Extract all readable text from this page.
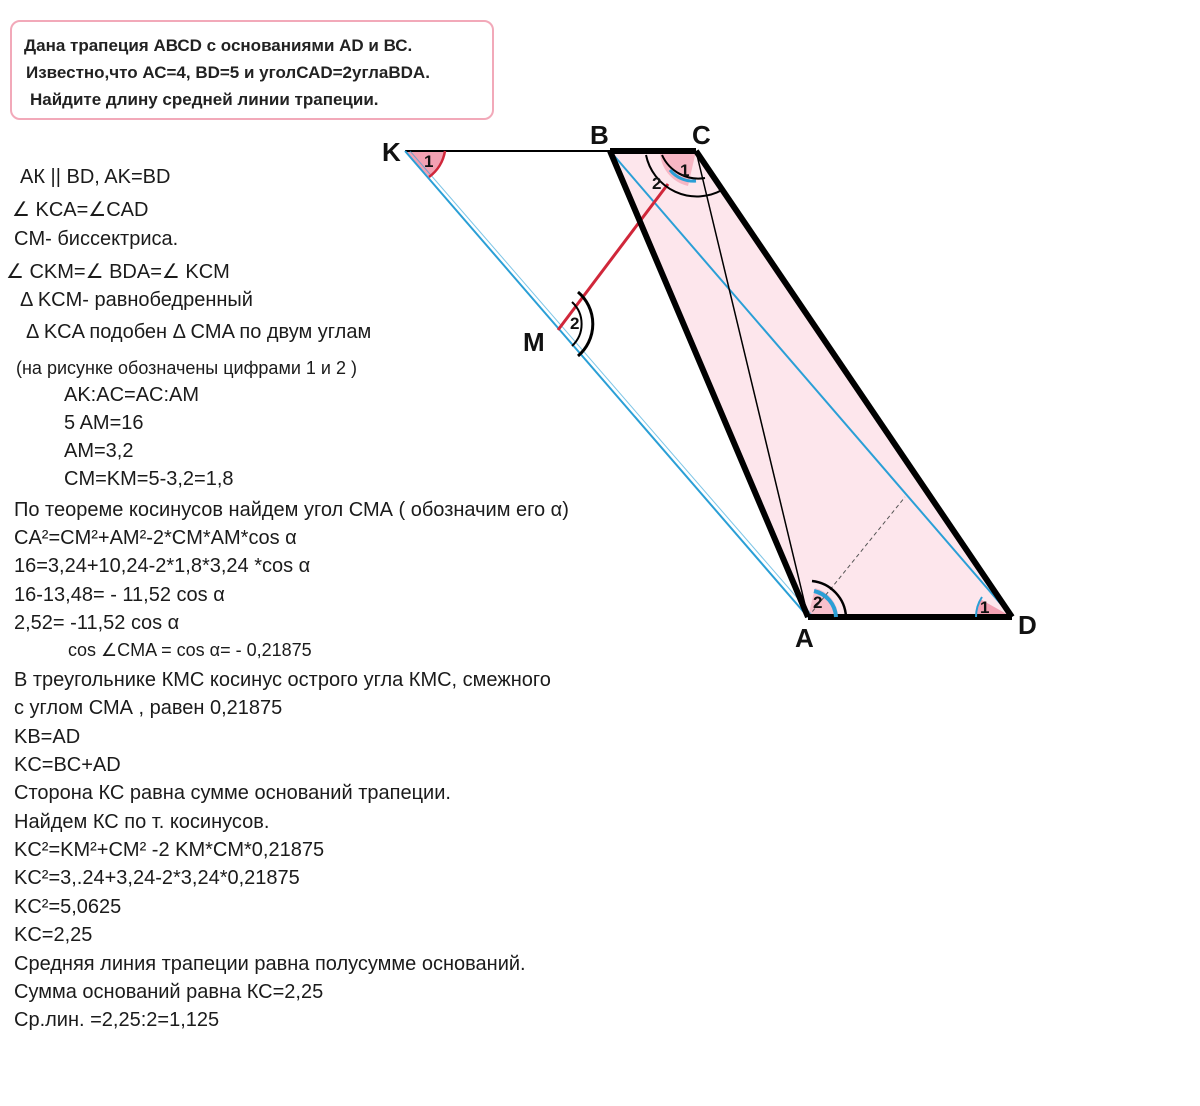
Дана трапеция АВСD с основаниями АD и ВС.
Известно,что АС=4, ВD=5 и уголСАD=2углаBDA.
Найдите длину средней линии трапеции.
АК || BD, AK=BD
∠ KCA=∠CAD
CM- биссектриса.
∠ CKM=∠ BDA=∠ KCM
Δ KCM- равнобедренный
Δ KCA подобен Δ CMA по двум углам
(на рисунке обозначены цифрами 1 и 2 )
AK:AC=AC:AM
5 AM=16
AM=3,2
CM=KM=5-3,2=1,8
По теореме косинусов найдем угол СМА ( обозначим его α)
CA²=CM²+AM²-2*CM*AM*cos α
16=3,24+10,24-2*1,8*3,24 *cos α
16-13,48= - 11,52 cos α
2,52= -11,52 cos α
cos ∠CMA = cos α= - 0,21875
В треугольнике КМС косинус острого угла КМС, смежного
с углом СМА , равен 0,21875
KB=AD
KC=BC+AD
Сторона КС равна сумме оснований трапеции.
Найдем КС по т. косинусов.
KC²=KM²+CM² -2 KM*CM*0,21875
KC²=3,.24+3,24-2*3,24*0,21875
KC²=5,0625
KC=2,25
Средняя линия трапеции равна полусумме оснований.
Сумма оснований равна КС=2,25
Ср.лин. =2,25:2=1,125
1	1
2
2
2	1
K
B	C
M
A	D
